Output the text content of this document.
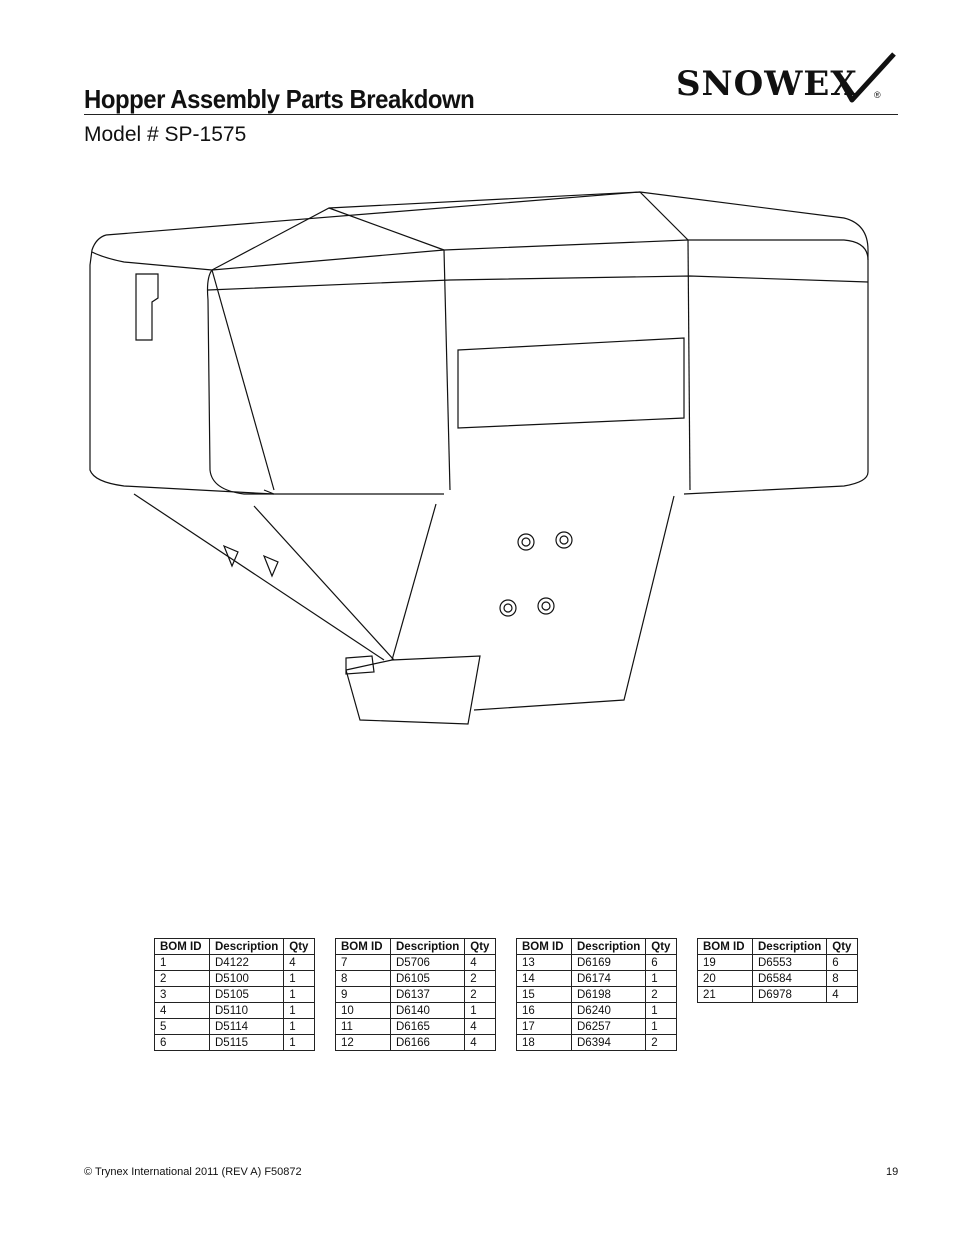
Hopper Assembly Parts Breakdown
Model # SP-1575
SNOWEX ®
BOM ID	Description	Qty
1	D4122	4
2	D5100	1
3	D5105	1
4	D5110	1
5	D5114	1
6	D5115	1
BOM ID	Description	Qty
7	D5706	4
8	D6105	2
9	D6137	2
10	D6140	1
11	D6165	4
12	D6166	4
BOM ID	Description	Qty
13	D6169	6
14	D6174	1
15	D6198	2
16	D6240	1
17	D6257	1
18	D6394	2
BOM ID	Description	Qty
19	D6553	6
20	D6584	8
21	D6978	4
© Trynex International 2011 (REV A) F50872	19
